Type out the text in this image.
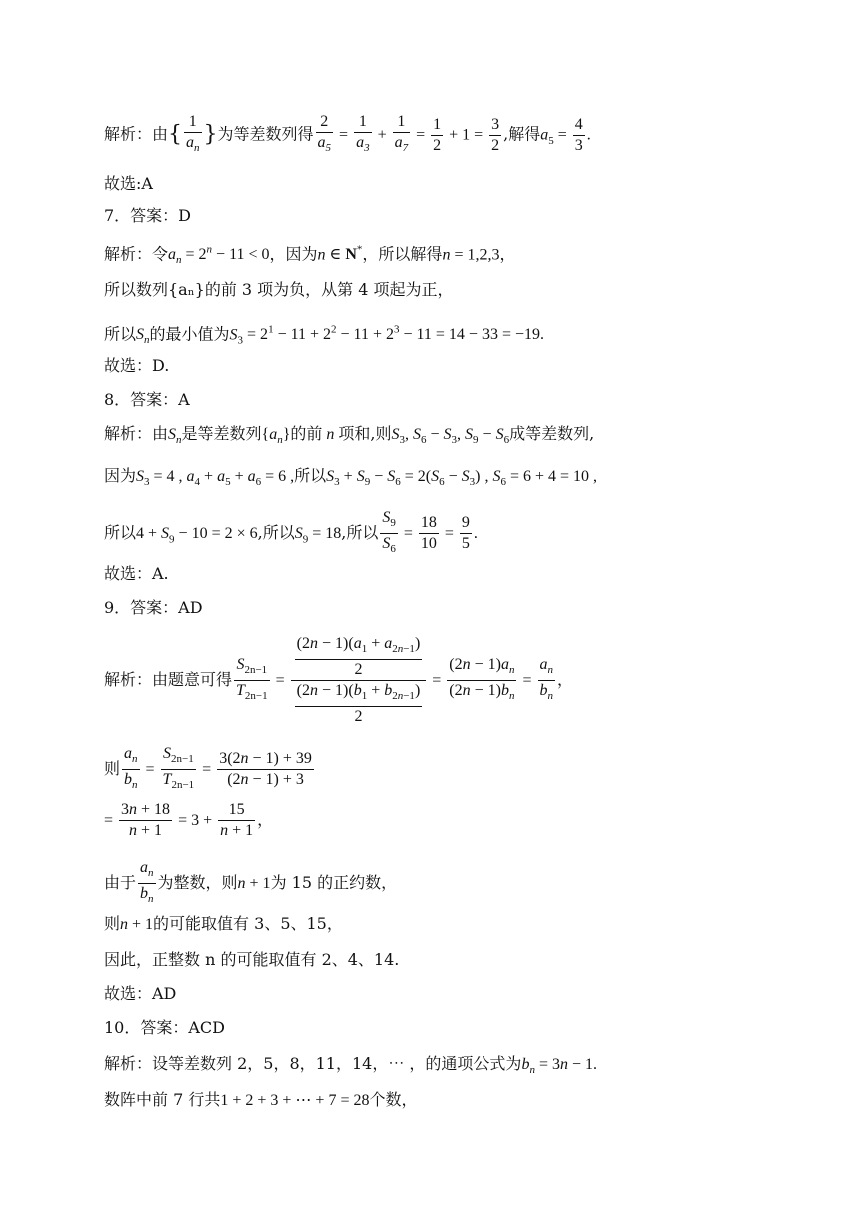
解析：由{ $\frac{1}{a_n}$ }为等差数列得 $\frac{2}{a_5} = \frac{1}{a_3} + \frac{1}{a_7} = \frac{1}{2} + 1 = \frac{3}{2}$ ,解得$a_5 = \frac{4}{3}$ .
故选:A
7．答案：D
解析：令$a_n = 2^n - 11 < 0$，因为n ∈ N*，所以解得n = 1,2,3，
所以数列{aₙ}的前 3 项为负，从第 4 项起为正，
所以$S_n$的最小值为$S_3 = 2^1 - 11 + 2^2 - 11 + 2^3 - 11 = 14 - 33 = -19$.
故选：D.
8．答案：A
解析：由$S_n$是等差数列$\{a_n\}$的前 n 项和,则$S_3$, $S_6 - S_3$, $S_9 - S_6$成等差数列,
因为$S_3 = 4$ , $a_4 + a_5 + a_6 = 6$ ,所以$S_3 + S_9 - S_6 = 2(S_6 - S_3)$ , $S_6 = 6 + 4 = 10$ ,
所以$4 + S_9 - 10 = 2 \times 6$,所以$S_9 = 18$,所以 $\frac{S_9}{S_6} = \frac{18}{10} = \frac{9}{5}$ .
故选：A.
9．答案：AD
解析：由题意可得 $\frac{S_{2n-1}}{T_{2n-1}} = \frac{\frac{(2n - 1)(a_1 + a_{2n-1})}{2}}{\frac{(2n - 1)(b_1 + b_{2n-1})}{2}} = \frac{(2n - 1)a_n}{(2n - 1)b_n} = \frac{a_n}{b_n}$ ，
则 $\frac{a_n}{b_n} = \frac{S_{2n-1}}{T_{2n-1}} = \frac{3(2n - 1) + 39}{(2n - 1) + 3}$
= $\frac{3n + 18}{n + 1} = 3 + \frac{15}{n + 1}$ ，
由于 $\frac{a_n}{b_n}$ 为整数，则n + 1为 15 的正约数，
则n + 1的可能取值有 3、5、15，
因此，正整数 n 的可能取值有 2、4、14.
故选：AD
10．答案：ACD
解析：设等差数列 2，5，8，11，14，⋯ ，的通项公式为$b_n = 3n - 1$.
数阵中前 7 行共1 + 2 + 3 + ⋯ + 7 = 28个数，
